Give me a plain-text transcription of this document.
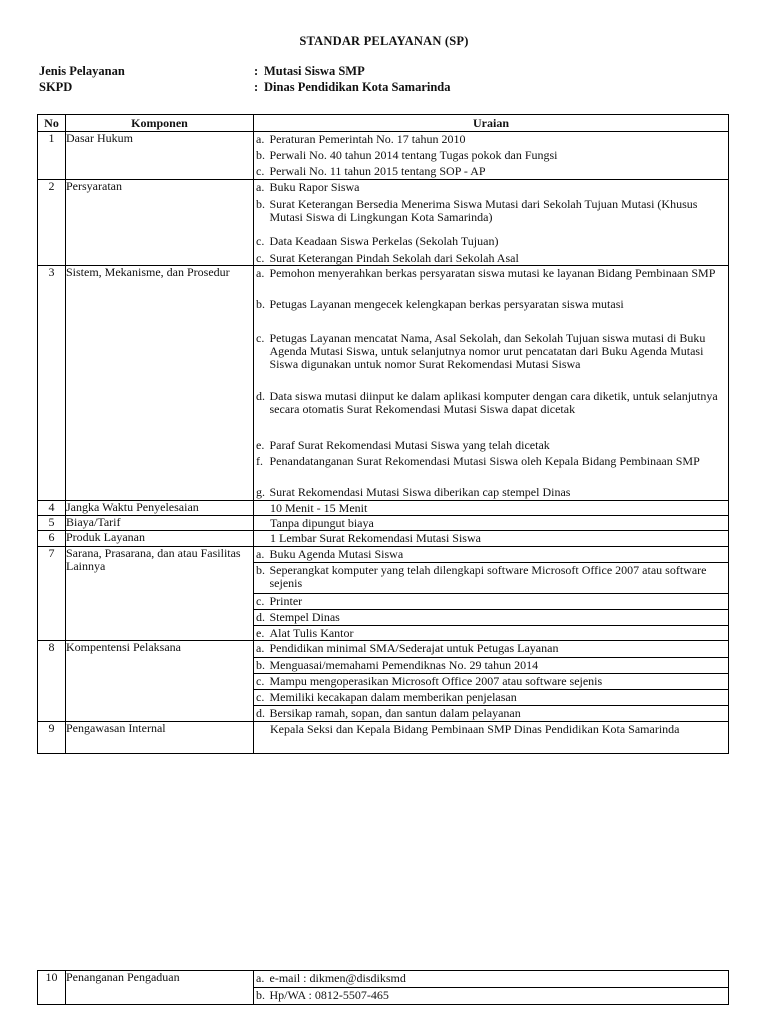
STANDAR PELAYANAN (SP)
Jenis Pelayanan	: Mutasi Siswa SMP
SKPD	: Dinas Pendidikan Kota Samarinda
No	Komponen	Uraian	
1	Dasar Hukum	a.	Peraturan Pemerintah No. 17 tahun 2010
		b.	Perwali No. 40 tahun 2014 tentang Tugas pokok dan Fungsi
		c.	Perwali No. 11 tahun 2015 tentang SOP - AP
2	Persyaratan	a.	Buku Rapor Siswa
		b.	Surat Keterangan Bersedia Menerima Siswa Mutasi dari Sekolah Tujuan Mutasi (Khusus Mutasi Siswa di Lingkungan Kota Samarinda)
		c.	Data Keadaan Siswa Perkelas (Sekolah Tujuan)
		c.	Surat Keterangan Pindah Sekolah dari Sekolah Asal
3	Sistem, Mekanisme, dan Prosedur	a.	Pemohon menyerahkan berkas persyaratan siswa mutasi ke layanan Bidang Pembinaan SMP
		b.	Petugas Layanan mengecek kelengkapan berkas persyaratan siswa mutasi
		c.	Petugas Layanan mencatat Nama, Asal Sekolah, dan Sekolah Tujuan siswa mutasi di Buku Agenda Mutasi Siswa, untuk selanjutnya nomor urut pencatatan dari Buku Agenda Mutasi Siswa digunakan untuk nomor Surat Rekomendasi Mutasi Siswa
		d.	Data siswa mutasi diinput ke dalam aplikasi komputer dengan cara diketik, untuk selanjutnya secara otomatis Surat Rekomendasi Mutasi Siswa dapat dicetak
		e.	Paraf Surat Rekomendasi Mutasi Siswa yang telah dicetak
		f.	Penandatanganan Surat Rekomendasi Mutasi Siswa oleh Kepala Bidang Pembinaan SMP
		g.	Surat Rekomendasi Mutasi Siswa diberikan cap stempel Dinas
4	Jangka Waktu Penyelesaian	10 Menit - 15 Menit	
5	Biaya/Tarif	Tanpa dipungut biaya	
6	Produk Layanan	1 Lembar Surat Rekomendasi Mutasi Siswa	
7	Sarana, Prasarana, dan atau Fasilitas Lainnya	a.	Buku Agenda Mutasi Siswa
		b.	Seperangkat komputer yang telah dilengkapi software Microsoft Office 2007 atau software sejenis
		c.	Printer
		d.	Stempel Dinas
		e.	Alat Tulis Kantor
8	Kompentensi Pelaksana	a.	Pendidikan minimal SMA/Sederajat untuk Petugas Layanan
		b.	Menguasai/memahami Pemendiknas No. 29 tahun 2014
		c.	Mampu mengoperasikan Microsoft Office 2007 atau software sejenis
		c.	Memiliki kecakapan dalam memberikan penjelasan
		d.	Bersikap ramah, sopan, dan santun dalam pelayanan
9	Pengawasan Internal	Kepala Seksi dan Kepala Bidang Pembinaan SMP Dinas Pendidikan Kota Samarinda	
10	Penanganan Pengaduan	a.	e-mail : dikmen@disdiksmd
		b.	Hp/WA : 0812-5507-465
